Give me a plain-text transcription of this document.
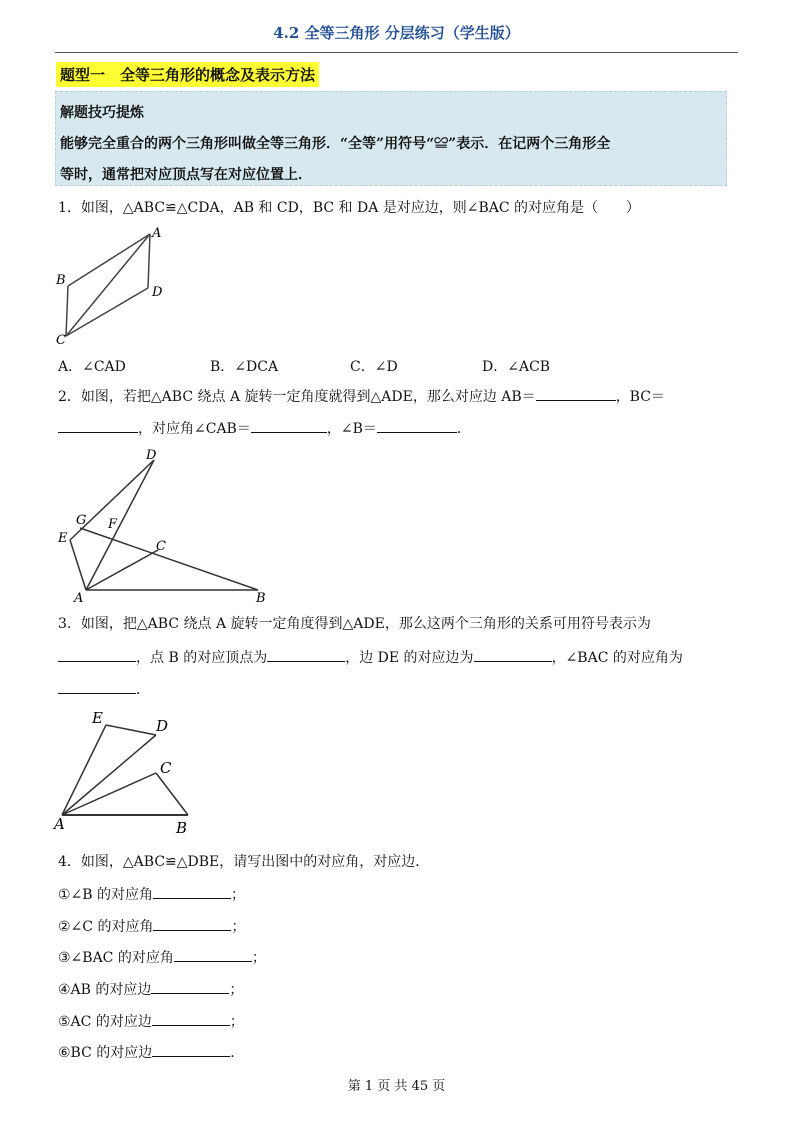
4.2 全等三角形 分层练习（学生版）
题型一　全等三角形的概念及表示方法
解题技巧提炼
能够完全重合的两个三角形叫做全等三角形．“全等”用符号“≌”表示．在记两个三角形全
等时，通常把对应顶点写在对应位置上．
1．如图，△ABC≌△CDA，AB 和 CD，BC 和 DA 是对应边，则∠BAC 的对应角是（　　）
A
B
D
C
A．∠CAD	B．∠DCA	C．∠D	D．∠ACB
2．如图，若把△ABC 绕点 A 旋转一定角度就得到△ADE，那么对应边 AB＝	，BC＝
，对应角∠CAB＝	，∠B＝	．
D
G F
E
C
A	B
3．如图，把△ABC 绕点 A 旋转一定角度得到△ADE，那么这两个三角形的关系可用符号表示为
，点 B 的对应顶点为	，边 DE 的对应边为	，∠BAC 的对应角为
．
E	D
C
A	B
4．如图，△ABC≌△DBE，请写出图中的对应角，对应边．
①∠B 的对应角	；
②∠C 的对应角	；
③∠BAC 的对应角	；
④AB 的对应边	；
⑤AC 的对应边	；
⑥BC 的对应边	．
第 1 页 共 45 页
